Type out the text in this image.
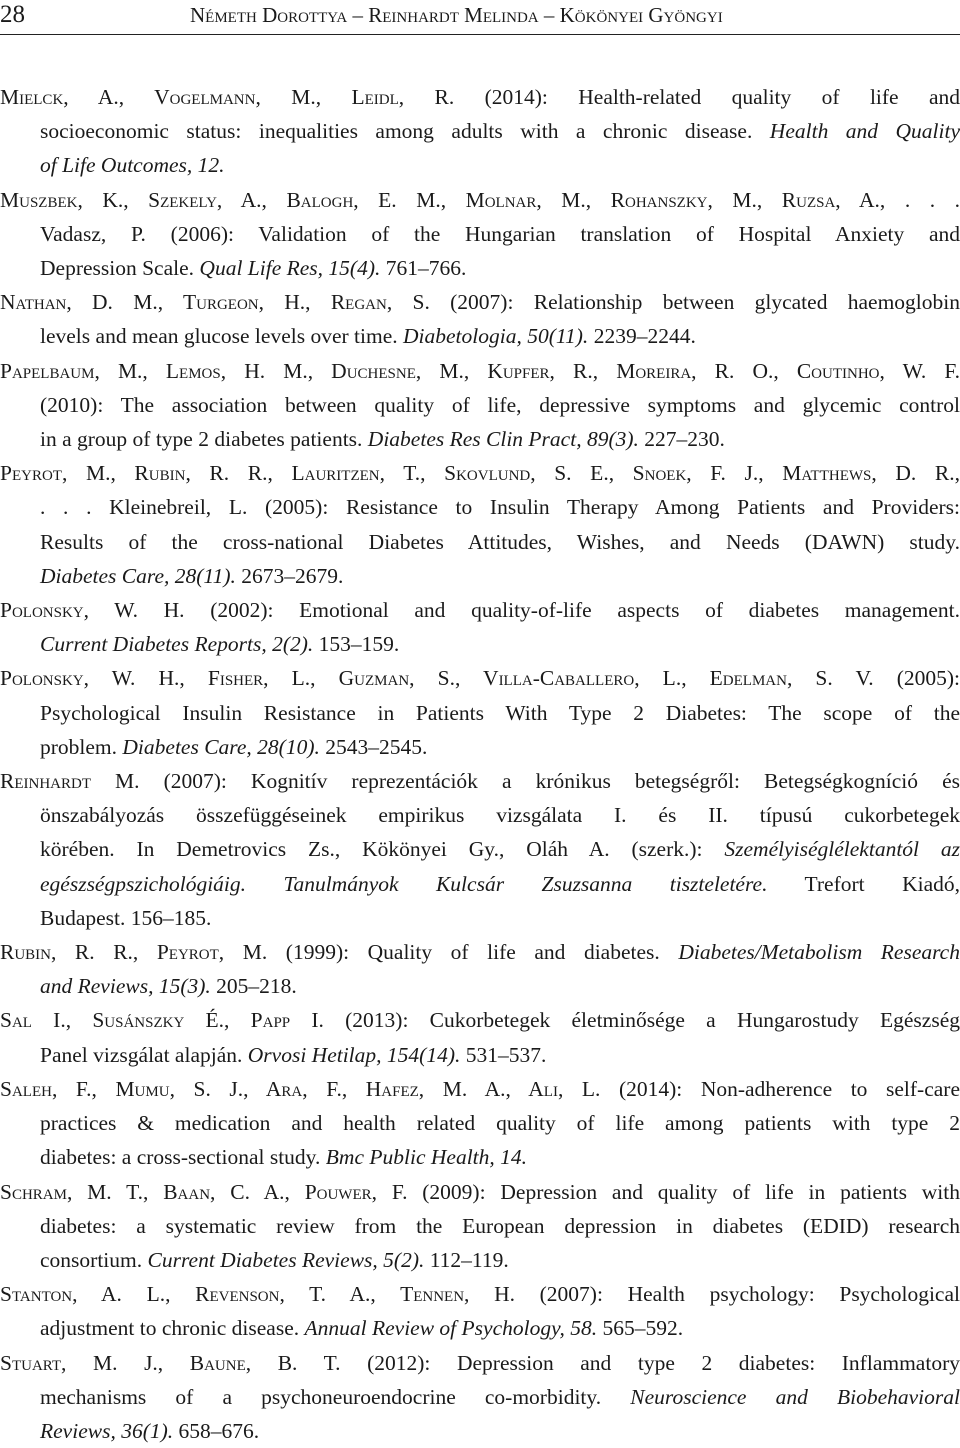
28	Németh Dorottya – Reinhardt Melinda – Kökönyei Gyöngyi
Mielck, A., Vogelmann, M., Leidl, R. (2014): Health-related quality of life and
socioeconomic status: inequalities among adults with a chronic disease. Health and Quality
of Life Outcomes, 12.
Muszbek, K., Szekely, A., Balogh, E. M., Molnar, M., Rohanszky, M., Ruzsa, A., . . .
Vadasz, P. (2006): Validation of the Hungarian translation of Hospital Anxiety and
Depression Scale. Qual Life Res, 15(4). 761–766.
Nathan, D. M., Turgeon, H., Regan, S. (2007): Relationship between glycated haemoglobin
levels and mean glucose levels over time. Diabetologia, 50(11). 2239–2244.
Papelbaum, M., Lemos, H. M., Duchesne, M., Kupfer, R., Moreira, R. O., Coutinho, W. F.
(2010): The association between quality of life, depressive symptoms and glycemic control
in a group of type 2 diabetes patients. Diabetes Res Clin Pract, 89(3). 227–230.
Peyrot, M., Rubin, R. R., Lauritzen, T., Skovlund, S. E., Snoek, F. J., Matthews, D. R.,
. . . Kleinebreil, L. (2005): Resistance to Insulin Therapy Among Patients and Providers:
Results of the cross-national Diabetes Attitudes, Wishes, and Needs (DAWN) study.
Diabetes Care, 28(11). 2673–2679.
Polonsky, W. H. (2002): Emotional and quality-of-life aspects of diabetes management.
Current Diabetes Reports, 2(2). 153–159.
Polonsky, W. H., Fisher, L., Guzman, S., Villa-Caballero, L., Edelman, S. V. (2005):
Psychological Insulin Resistance in Patients With Type 2 Diabetes: The scope of the
problem. Diabetes Care, 28(10). 2543–2545.
Reinhardt M. (2007): Kognitív reprezentációk a krónikus betegségről: Betegségkogníció és
önszabályozás összefüggéseinek empirikus vizsgálata I. és II. típusú cukorbetegek
körében. In Demetrovics Zs., Kökönyei Gy., Oláh A. (szerk.): Személyiséglélektantól az
egészségpszichológiáig. Tanulmányok Kulcsár Zsuzsanna tiszteletére. Trefort Kiadó,
Budapest. 156–185.
Rubin, R. R., Peyrot, M. (1999): Quality of life and diabetes. Diabetes/Metabolism Research
and Reviews, 15(3). 205–218.
Sal I., Susánszky É., Papp I. (2013): Cukorbetegek életminősége a Hungarostudy Egészség
Panel vizsgálat alapján. Orvosi Hetilap, 154(14). 531–537.
Saleh, F., Mumu, S. J., Ara, F., Hafez, M. A., Ali, L. (2014): Non-adherence to self-care
practices & medication and health related quality of life among patients with type 2
diabetes: a cross-sectional study. Bmc Public Health, 14.
Schram, M. T., Baan, C. A., Pouwer, F. (2009): Depression and quality of life in patients with
diabetes: a systematic review from the European depression in diabetes (EDID) research
consortium. Current Diabetes Reviews, 5(2). 112–119.
Stanton, A. L., Revenson, T. A., Tennen, H. (2007): Health psychology: Psychological
adjustment to chronic disease. Annual Review of Psychology, 58. 565–592.
Stuart, M. J., Baune, B. T. (2012): Depression and type 2 diabetes: Inflammatory
mechanisms of a psychoneuroendocrine co-morbidity. Neuroscience and Biobehavioral
Reviews, 36(1). 658–676.
